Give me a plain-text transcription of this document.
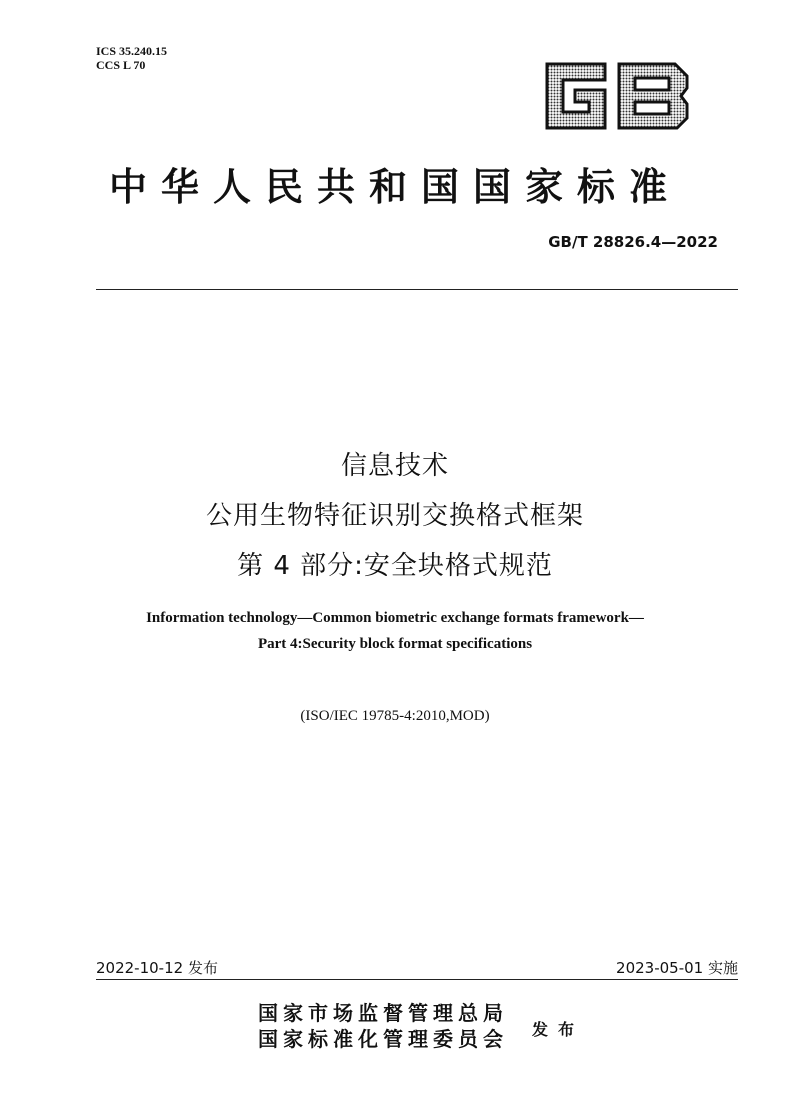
ICS 35.240.15
CCS L 70
中华人民共和国国家标准
GB/T 28826.4—2022
信息技术
公用生物特征识别交换格式框架
第 4 部分:安全块格式规范
Information technology—Common biometric exchange formats framework—
Part 4:Security block format specifications
(ISO/IEC 19785-4:2010,MOD)
2022-10-12 发布	2023-05-01 实施
国家市场监督管理总局
国家标准化管理委员会 发布
